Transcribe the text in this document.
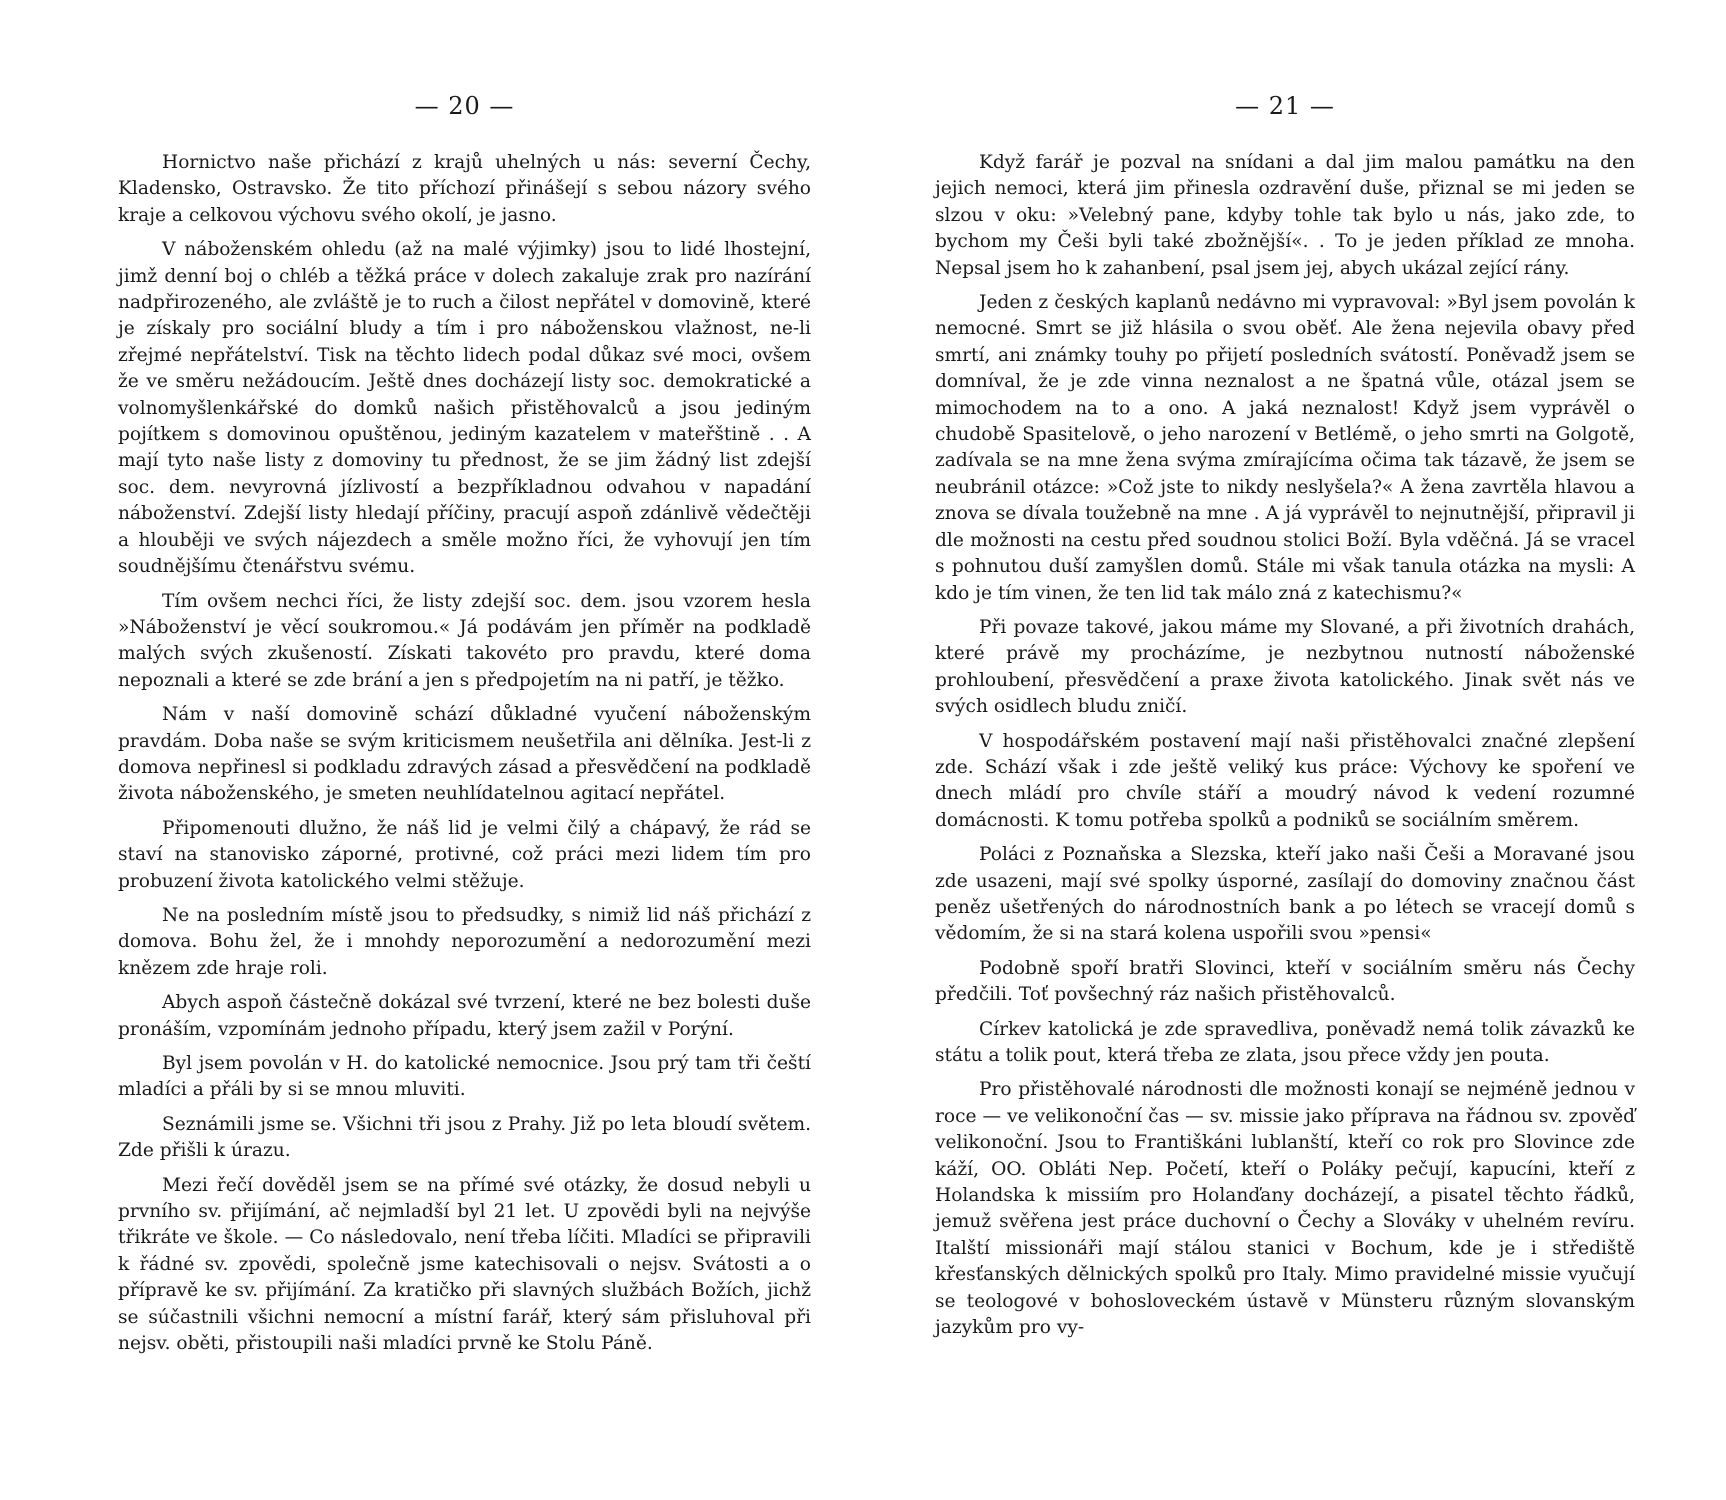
— 20 —

Hornictvo naše přichází z krajů uhelných u nás: severní Čechy, Kladensko, Ostravsko. Že tito příchozí přinášejí s sebou názory svého kraje a celkovou výchovu svého okolí, je jasno.

V náboženském ohledu (až na malé výjimky) jsou to lidé lhostejní, jimž denní boj o chléb a těžká práce v dolech zakaluje zrak pro nazírání nadpřirozeného, ale zvláště je to ruch a čilost nepřátel v domovině, které je získaly pro sociální bludy a tím i pro náboženskou vlažnost, ne-li zřejmé nepřátelství. Tisk na těchto lidech podal důkaz své moci, ovšem že ve směru nežádoucím. Ještě dnes docházejí listy soc. demokratické a volnomyšlenkářské do domků našich přistěhovalců a jsou jediným pojítkem s domovinou opuštěnou, jediným kazatelem v mateřštině . . A mají tyto naše listy z domoviny tu přednost, že se jim žádný list zdejší soc. dem. nevyrovná jízlivostí a bezpříkladnou odvahou v napadání náboženství. Zdejší listy hledají příčiny, pracují aspoň zdánlivě vědečtěji a hlouběji ve svých nájezdech a směle možno říci, že vyhovují jen tím soudnějšímu čtenářstvu svému.

Tím ovšem nechci říci, že listy zdejší soc. dem. jsou vzorem hesla »Náboženství je věcí soukromou.« Já podávám jen příměr na podkladě malých svých zkušeností. Získati takovéto pro pravdu, které doma nepoznali a které se zde brání a jen s předpojetím na ni patří, je těžko.

Nám v naší domovině schází důkladné vyučení náboženským pravdám. Doba naše se svým kriticismem neušetřila ani dělníka. Jest-li z domova nepřinesl si podkladu zdravých zásad a přesvědčení na podkladě života náboženského, je smeten neuhlídatelnou agitací nepřátel.

Připomenouti dlužno, že náš lid je velmi čilý a chápavý, že rád se staví na stanovisko záporné, protivné, což práci mezi lidem tím pro probuzení života katolického velmi stěžuje.

Ne na posledním místě jsou to předsudky, s nimiž lid náš přichází z domova. Bohu žel, že i mnohdy neporozumění a nedorozumění mezi knězem zde hraje roli.

Abych aspoň částečně dokázal své tvrzení, které ne bez bolesti duše pronáším, vzpomínám jednoho případu, který jsem zažil v Porýní.

Byl jsem povolán v H. do katolické nemocnice. Jsou prý tam tři čeští mladíci a přáli by si se mnou mluviti.

Seznámili jsme se. Všichni tři jsou z Prahy. Již po leta bloudí světem. Zde přišli k úrazu.

Mezi řečí dověděl jsem se na přímé své otázky, že dosud nebyli u prvního sv. přijímání, ač nejmladší byl 21 let. U zpovědi byli na nejvýše třikráte ve škole. — Co následovalo, není třeba líčiti. Mladíci se připravili k řádné sv. zpovědi, společně jsme katechisovali o nejsv. Svátosti a o přípravě ke sv. přijímání. Za kratičko při slavných službách Božích, jichž se súčastnili všichni nemocní a místní farář, který sám přisluhoval při nejsv. oběti, přistoupili naši mladíci prvně ke Stolu Páně.

— 21 —

Když farář je pozval na snídani a dal jim malou památku na den jejich nemoci, která jim přinesla ozdravění duše, přiznal se mi jeden se slzou v oku: »Velebný pane, kdyby tohle tak bylo u nás, jako zde, to bychom my Češi byli také zbožnější«. . To je jeden příklad ze mnoha. Nepsal jsem ho k zahanbení, psal jsem jej, abych ukázal zející rány.

Jeden z českých kaplanů nedávno mi vypravoval: »Byl jsem povolán k nemocné. Smrt se již hlásila o svou oběť. Ale žena nejevila obavy před smrtí, ani známky touhy po přijetí posledních svátostí. Poněvadž jsem se domníval, že je zde vinna neznalost a ne špatná vůle, otázal jsem se mimochodem na to a ono. A jaká neznalost! Když jsem vyprávěl o chudobě Spasitelově, o jeho narození v Betlémě, o jeho smrti na Golgotě, zadívala se na mne žena svýma zmírajícíma očima tak tázavě, že jsem se neubránil otázce: »Což jste to nikdy neslyšela?« A žena zavrtěla hlavou a znova se dívala toužebně na mne . A já vyprávěl to nejnutnější, připravil ji dle možnosti na cestu před soudnou stolici Boží. Byla vděčná. Já se vracel s pohnutou duší zamyšlen domů. Stále mi však tanula otázka na mysli: A kdo je tím vinen, že ten lid tak málo zná z katechismu?«

Při povaze takové, jakou máme my Slované, a při životních drahách, které právě my procházíme, je nezbytnou nutností náboženské prohloubení, přesvědčení a praxe života katolického. Jinak svět nás ve svých osidlech bludu zničí.

V hospodářském postavení mají naši přistěhovalci značné zlepšení zde. Schází však i zde ještě veliký kus práce: Výchovy ke spoření ve dnech mládí pro chvíle stáří a moudrý návod k vedení rozumné domácnosti. K tomu potřeba spolků a podniků se sociálním směrem.

Poláci z Poznaňska a Slezska, kteří jako naši Češi a Moravané jsou zde usazeni, mají své spolky úsporné, zasílají do domoviny značnou část peněz ušetřených do národnostních bank a po létech se vracejí domů s vědomím, že si na stará kolena uspořili svou »pensi«

Podobně spoří bratři Slovinci, kteří v sociálním směru nás Čechy předčili. Toť povšechný ráz našich přistěhovalců.

Církev katolická je zde spravedliva, poněvadž nemá tolik závazků ke státu a tolik pout, která třeba ze zlata, jsou přece vždy jen pouta.

Pro přistěhovalé národnosti dle možnosti konají se nejméně jednou v roce — ve velikonoční čas — sv. missie jako příprava na řádnou sv. zpověď velikonoční. Jsou to Františkáni lublanští, kteří co rok pro Slovince zde káží, OO. Obláti Nep. Početí, kteří o Poláky pečují, kapucíni, kteří z Holandska k missiím pro Holanďany docházejí, a pisatel těchto řádků, jemuž svěřena jest práce duchovní o Čechy a Slováky v uhelném revíru. Italští missionáři mají stálou stanici v Bochum, kde je i střediště křesťanských dělnických spolků pro Italy. Mimo pravidelné missie vyučují se teologové v bohosloveckém ústavě v Münsteru různým slovanským jazykům pro vy-
